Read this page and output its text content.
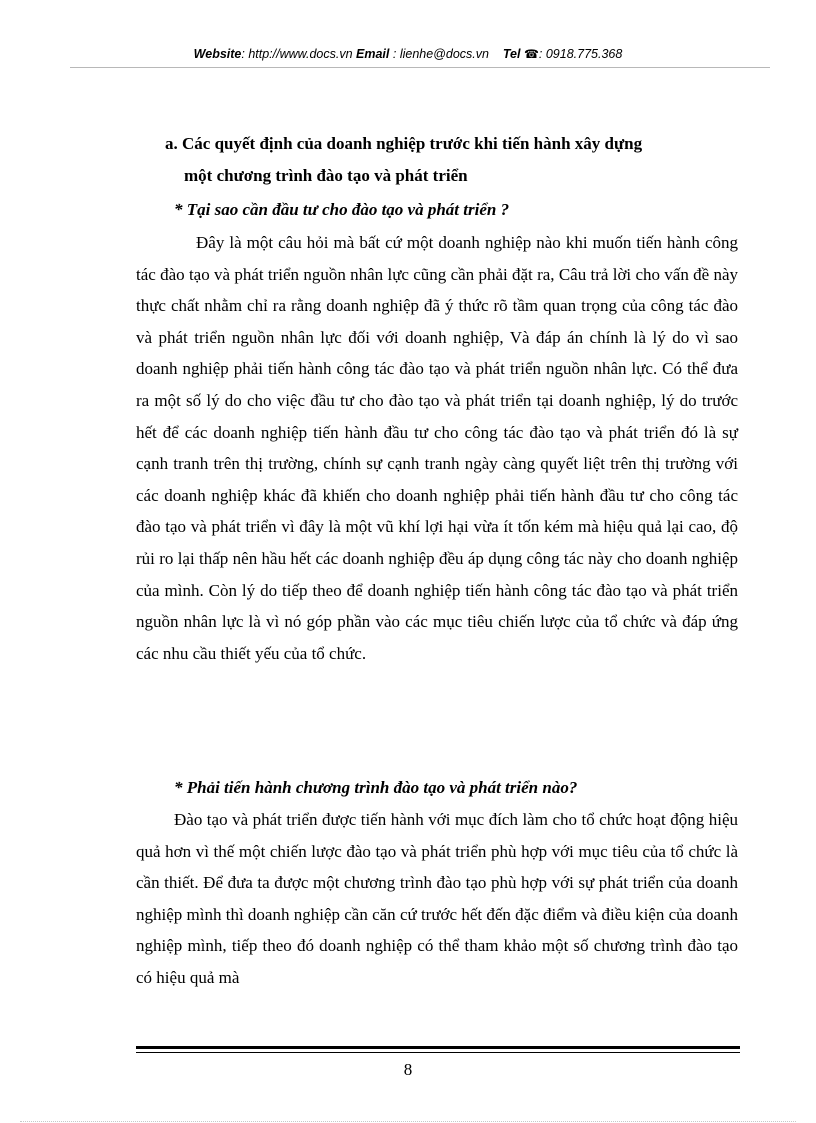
Website: http://www.docs.vn Email : lienhe@docs.vn Tel ☎: 0918.775.368
a. Các quyết định của doanh nghiệp trước khi tiến hành xây dựng
một chương trình đào tạo và phát triển
* Tại sao cần đầu tư cho đào tạo và phát triển ?
Đây là một câu hỏi mà bất cứ một doanh nghiệp nào khi muốn tiến hành công tác đào tạo và phát triển nguồn nhân lực cũng cần phải đặt ra, Câu trả lời cho vấn đề này thực chất nhằm chỉ ra rằng doanh nghiệp đã ý thức rõ tầm quan trọng của công tác đào và phát triển nguồn nhân lực đối với doanh nghiệp, Và đáp án chính là lý do vì sao doanh nghiệp phải tiến hành công tác đào tạo và phát triển nguồn nhân lực. Có thể đưa ra một số lý do cho việc đầu tư cho đào tạo và phát triển tại doanh nghiệp, lý do trước hết để các doanh nghiệp tiến hành đầu tư cho công tác đào tạo và phát triển đó là sự cạnh tranh trên thị trường, chính sự cạnh tranh ngày càng quyết liệt trên thị trường với các doanh nghiệp khác đã khiến cho doanh nghiệp phải tiến hành đầu tư cho công tác đào tạo và phát triển vì đây là một vũ khí lợi hại vừa ít tốn kém mà hiệu quả lại cao, độ rủi ro lại thấp nên hầu hết các doanh nghiệp đều áp dụng công tác này cho doanh nghiệp của mình. Còn lý do tiếp theo để doanh nghiệp tiến hành công tác đào tạo và phát triển nguồn nhân lực là vì nó góp phần vào các mục tiêu chiến lược của tổ chức và đáp ứng các nhu cầu thiết yếu của tổ chức.
* Phải tiến hành chương trình đào tạo và phát triển nào?
Đào tạo và phát triển được tiến hành với mục đích làm cho tổ chức hoạt động hiệu quả hơn vì thế một chiến lược đào tạo và phát triển phù hợp với mục tiêu của tổ chức là cần thiết. Để đưa ta được một chương trình đào tạo phù hợp với sự phát triển của doanh nghiệp mình thì doanh nghiệp cần căn cứ trước hết đến đặc điểm và điều kiện của doanh nghiệp mình, tiếp theo đó doanh nghiệp có thể tham khảo một số chương trình đào tạo có hiệu quả mà
8
